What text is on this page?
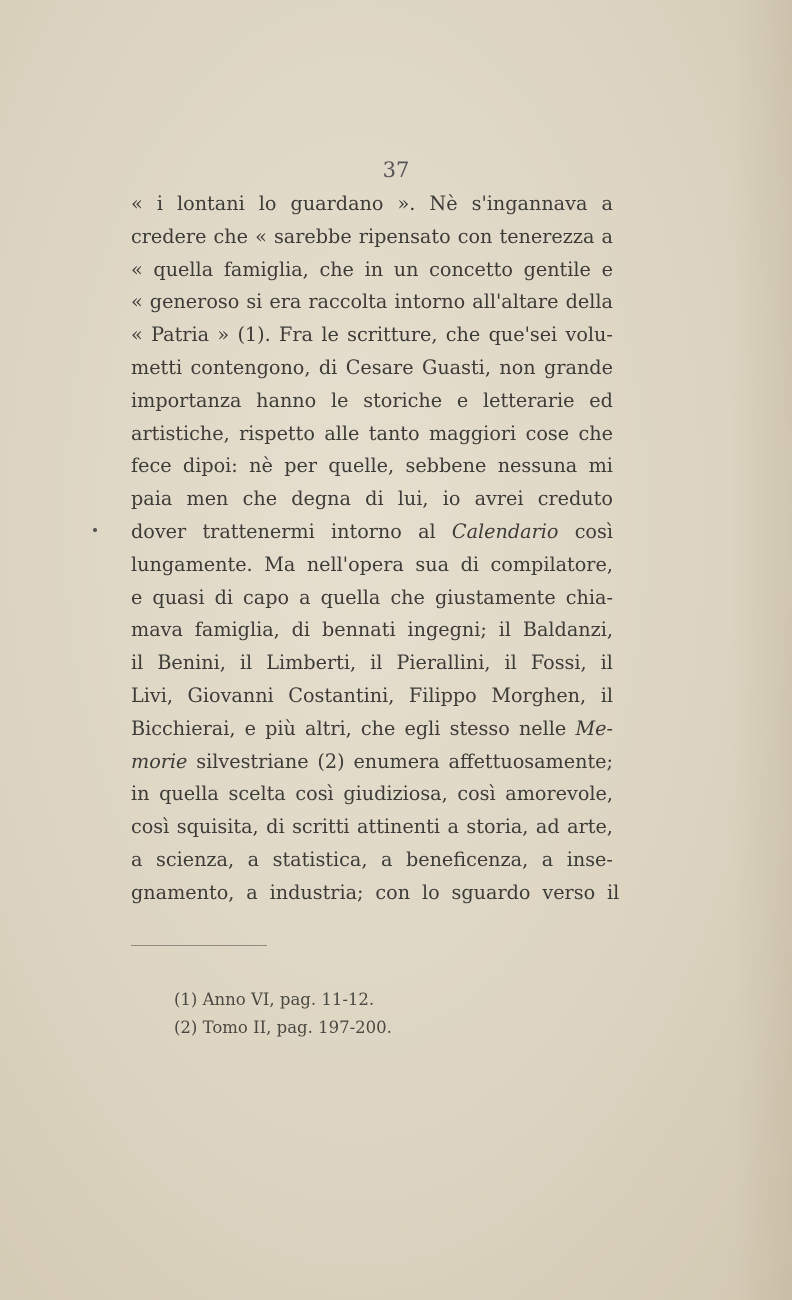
37
« i lontani lo guardano ». Nè s'ingannava a
credere che « sarebbe ripensato con tenerezza a
« quella famiglia, che in un concetto gentile e
« generoso si era raccolta intorno all'altare della
« Patria » (1). Fra le scritture, che que'sei volu-
metti contengono, di Cesare Guasti, non grande
importanza hanno le storiche e letterarie ed
artistiche, rispetto alle tanto maggiori cose che
fece dipoi: nè per quelle, sebbene nessuna mi
paia men che degna di lui, io avrei creduto
dover trattenermi intorno al Calendario così
lungamente. Ma nell'opera sua di compilatore,
e quasi di capo a quella che giustamente chia-
mava famiglia, di bennati ingegni; il Baldanzi,
il Benini, il Limberti, il Pierallini, il Fossi, il
Livi, Giovanni Costantini, Filippo Morghen, il
Bicchierai, e più altri, che egli stesso nelle Me-
morie silvestriane (2) enumera affettuosamente;
in quella scelta così giudiziosa, così amorevole,
così squisita, di scritti attinenti a storia, ad arte,
a scienza, a statistica, a beneficenza, a inse-
gnamento, a industria; con lo sguardo verso il
(1) Anno VI, pag. 11-12.
(2) Tomo II, pag. 197-200.
